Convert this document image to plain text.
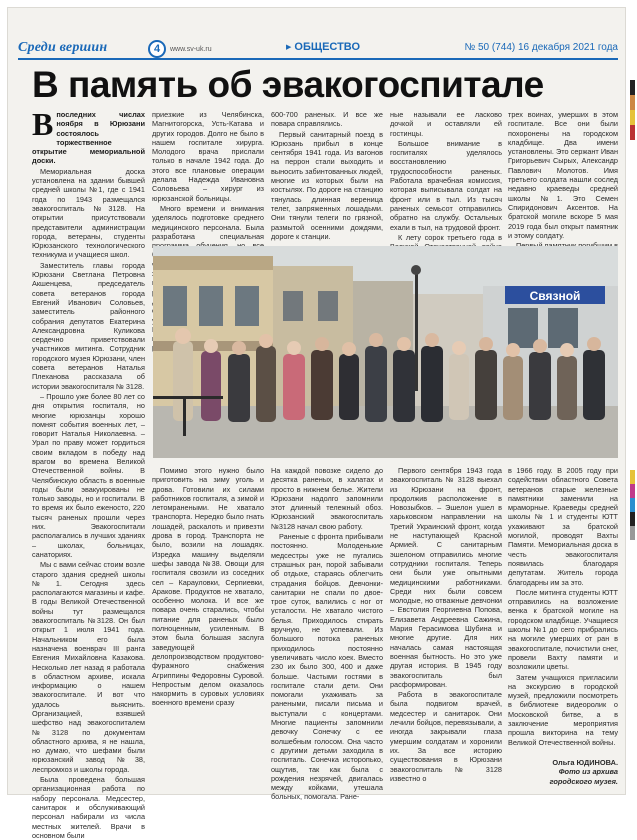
Среди вершин	4	www.sv-uk.ru
▶	ОБЩЕСТВО	№ 50 (744) 16 декабря 2021 года
В память об эвакогоспитале

Впоследних числах ноября в Юрюзани состоялось торжественное открытие мемориальной доски.

Мемориальная доска установлена на здании бывшей средней школы №1, где с 1941 года по 1943 размещался эвакогоспиталь №3128. На открытии присутствовали представители администрации города, ветераны, студенты Юрюзанского технологического техникума и учащиеся школ.

Заместитель главы города Юрюзани Светлана Петровна Акшенцева, председатель совета ветеранов города Евгений Иванович Соловьев, заместитель районного собрания депутатов Екатерина Александровна Куликова сердечно приветствовали участников митинга. Сотрудник городского музея Юрюзани, член совета ветеранов Наталья Плеханова рассказала об истории эвакогоспиталя № 3128.

– Прошло уже более 80 лет со дня открытия госпиталя, но многие юрюзанцы хорошо помнят события военных лет, – говорит Наталья Николаевна. – Урал по праву может гордиться своим вкладом в победу над врагом во времена Великой Отечественной войны. В Челябинскую область в военные годы были эвакуированы не только заводы, но и госпитали. В то время их было еженосто, 220 тысяч раненых прошли через них. Эвакогоспитали располагались в лучших зданиях – школах, больницах, санаториях.

Мы с вами сейчас стоим возле старого здания средней школы №1. Сегодня здесь располагаются магазины и кафе. В годы Великой Отечественной войны тут размещался эвакогоспиталь №3128. Он был открыт 1 июля 1941 года. Начальником его была назначена военврач III ранга Евгения Михайловна Казакова. Несколько лет назад я работала в областном архиве, искала информацию о нашем эвакогоспитале. И вот что удалось выяснить. Организацией, взявшей шефство над эвакогоспиталем №3128 по документам областного архива, я не нашла, но думаю, что шефами были юрюзанский завод №38, леспромхоз и школы города.

Была проведена большая организационная работа по набору персонала. Медсестер, санитарок и обслуживающий персонал набирали из числа местных жителей. Врачи в основном были

приезжие из Челябинска, Магнитогорска, Усть-Катава и других городов. Долго не было в нашем госпитале хирурга. Молодого врача прислали только в начале 1942 года. До этого все плановые операции делала Надежда Ивановна Соловьева – хирург из юрюзанской больницы.

Много времени и внимания уделялось подготовке среднего медицинского персонала. Была разработана специальная

Помимо этого нужно было приготовить на зиму уголь и дрова. Готовили их силами работников госпиталя, а зимой и летомранеными. Не хватало транспорта. Нередко было гнать лошадей, раскалоть и привезти дрова в город. Транспорта не было, возили на лошадях. Изредка машину выделяли шефы завода №38. Овощи для госпиталя свозили из соседних сел – Карауловки, Серпиевки, Аракове. Продуктов не хватало, особенно молока. И все же повара очень старались, чтобы питание для раненых было полноценным, усиленным. В этом была большая заслуга заведующей делопроизводством продуктово-фуражного снабжения Агриппины Федоровны Суровой. Непростым делом оказалось накормить в суровых условиях военного времени сразу

600-700 раненых. И все же повара справлялись.

Первый санитарный поезд в Юрюзань прибыл в конце сентября 1941 года. Из вагонов на перрон стали выходить и выносить забинтованных людей, многие из которых были на костылях. По дороге на станцию тянулась длинная вереница телег, запряженных лошадьми. Они тянули телеги по грязной, размытой осенними дождями, дороге к станции.

На каждой повозке сидело до десятка раненых, в халатах и просто в нижнем белье. Жители Юрюзани надолго запомнили этот длинный тележный обоз. Юрюзанский эвакогоспиталь №3128 начал свою работу.

Раненые с фронта прибывали постоянно. Молоденькие медсестры уже не пугались страшных ран, порой забывали об отдыхе, стараясь облегчить страдания бойцов. Девчонки-санитарки не спали по двое-трое суток, валились с ног от усталости. Не хватало чистого белья. Приходилось стирать вручную, не успевали. Из большого потока раненых приходилось постоянно увеличивать число коек. Вместо 230 их было 300, 400 и даже больше. Частыми гостями в госпитале стали дети. Они помогали ухаживать за ранеными, писали письма и выступали с концертами. Многие пациенты запомнили девочку Сонечку с ее волшебным голосом. Она часто с другими детьми заходила в госпиталь. Сонечка исторопько, ощутив, так как была с рождения незрячей, двигалась между койками, утешала больных, помогала. Ране-

ные называли ее ласково дочкой и оставляли ей гостинцы.

Большое внимание в госпиталях уделялось восстановлению трудоспособности раненых. Работала врачебная комиссия, которая выписывала солдат на фронт или в тыл. Из тысяч раненых семьсот отправились обратно на службу. Остальных ехали в тыл, на трудовой фронт.

К лету сорок третьего года в

Первого сентября 1943 года эвакогоспиталь № 3128 выехал из Юрюзани на фронт, продолжив расположение в Новозыбков. – Эшелон ушел в харьковском направлении на Третий Украинский фронт, когда не наступающей Красной Армией. С санитарным эшелоном отправились многие сотрудники госпиталя. Теперь они были уже опытными медицинскими работниками. Среди них были совсем молодые, но отважные девчонки – Евстолия Георгиевна Попова, Елизавета Андреевна Сажина, Мария Герасимова Шубина и многие другие. Для них началась самая настоящая военная бытность. Но это уже другая история. В 1945 году эвакогоспиталь был расформирован.

Работа в эвакогоспитале была подвигом врачей, медсестер и санитарок. Они лечили бойцов, перевязывали, а иногда закрывали глаза умершим солдатам и хоронили их. За все историю существования в Юрюзани эвакогоспиталь № 3128 известно о

трех воинах, умерших в этом госпитале. Все они были похоронены на городском кладбище. Два имени установлены. Это сержант Иван Григорьевич Сырых, Александр Павлович Молотов. Имя третьего солдата нашли сослед недавно краеведы средней школы №1. Это Семен Спиридонович Аксентов. На братской могиле вскоре 5 мая 2019 года был открыт памятник и этому солдату.

в 1966 году. В 2005 году при содействии областного Совета ветеранов старые железные памятники заменили на мраморные. Краеведы средней школы № 1 и студенты ЮТТ ухаживают за братской могилой, проводят Вахты Памяти. Мемориальная доска в честь эвакогоспиталя появилась благодаря депутатам. Житель города благодарны им за это.

После митинга студенты ЮТТ отправились на возложение венка к братской могиле на городском кладбище. Учащиеся школы №1 до сего прибрались на могиле умерших от ран в эвакогоспитале, почистили снег, провели Вахту памяти и возложили цветы.

Затем учащихся пригласили на экскурсию в городской музей, предложили посмотреть в библиотеке видеоролик о Московской битве, а в заключение мероприятия прошла викторина на тему Великой Отечественной войны.

Ольга ЮДИНОВА.
Фото из архива
городского музея.
Связной
